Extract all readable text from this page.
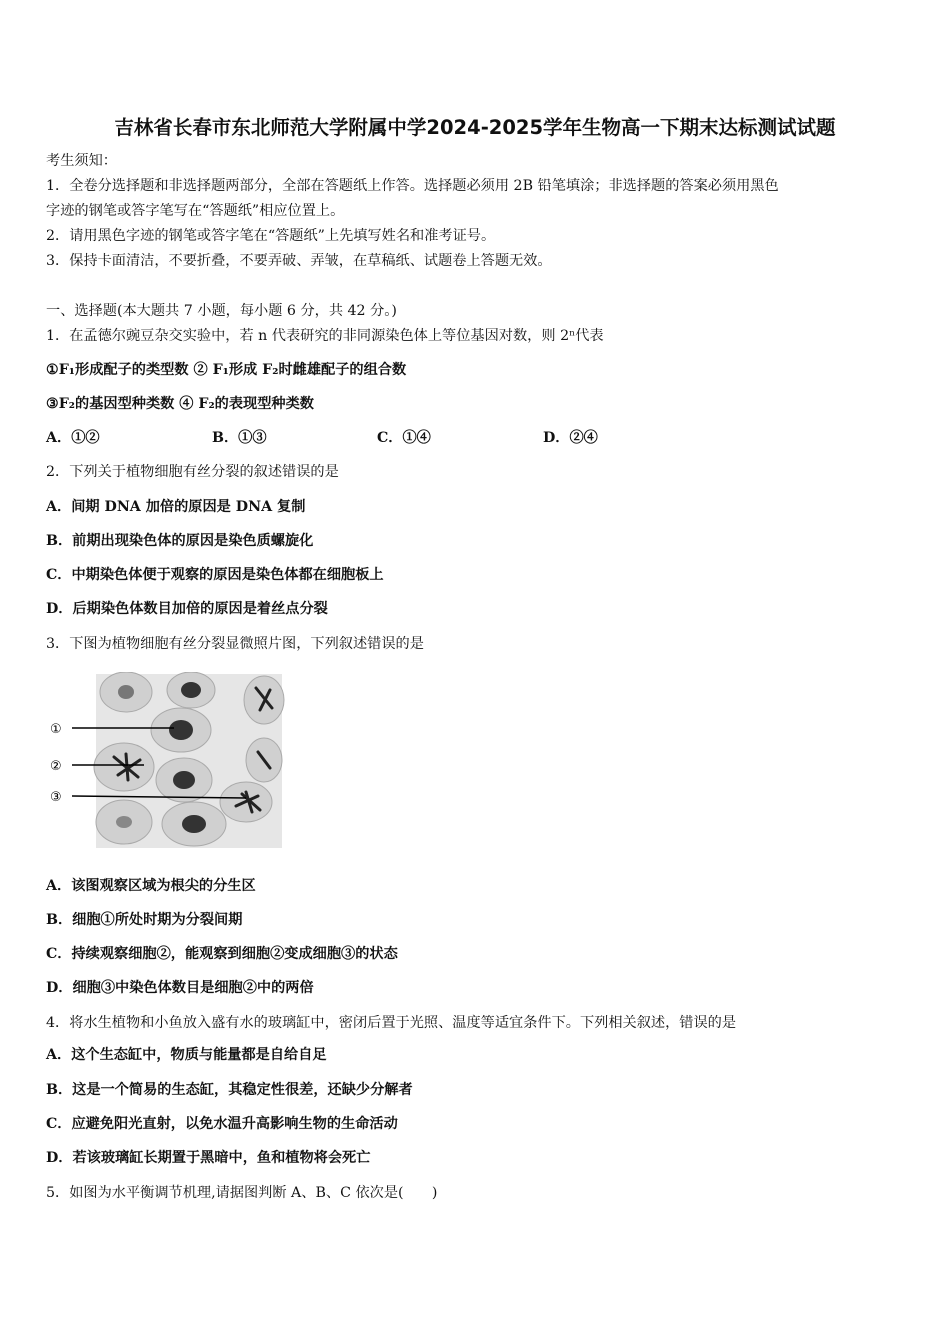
吉林省长春市东北师范大学附属中学2024-2025学年生物高一下期末达标测试试题
考生须知：
1．全卷分选择题和非选择题两部分，全部在答题纸上作答。选择题必须用 2B 铅笔填涂；非选择题的答案必须用黑色
字迹的钢笔或答字笔写在“答题纸”相应位置上。
2．请用黑色字迹的钢笔或答字笔在“答题纸”上先填写姓名和准考证号。
3．保持卡面清洁，不要折叠，不要弄破、弄皱，在草稿纸、试题卷上答题无效。
一、选择题(本大题共 7 小题，每小题 6 分，共 42 分。)
1．在孟德尔豌豆杂交实验中，若 n 代表研究的非同源染色体上等位基因对数，则 2ⁿ代表
①F₁形成配子的类型数 ② F₁形成 F₂时雌雄配子的组合数
③F₂的基因型种类数 ④ F₂的表现型种类数
A．①②	B．①③	C．①④	D．②④
2．下列关于植物细胞有丝分裂的叙述错误的是
A．间期 DNA 加倍的原因是 DNA 复制
B．前期出现染色体的原因是染色质螺旋化
C．中期染色体便于观察的原因是染色体都在细胞板上
D．后期染色体数目加倍的原因是着丝点分裂
3．下图为植物细胞有丝分裂显微照片图，下列叙述错误的是
①
②
③
A．该图观察区域为根尖的分生区
B．细胞①所处时期为分裂间期
C．持续观察细胞②，能观察到细胞②变成细胞③的状态
D．细胞③中染色体数目是细胞②中的两倍
4．将水生植物和小鱼放入盛有水的玻璃缸中，密闭后置于光照、温度等适宜条件下。下列相关叙述，错误的是
A．这个生态缸中，物质与能量都是自给自足
B．这是一个简易的生态缸，其稳定性很差，还缺少分解者
C．应避免阳光直射，以免水温升高影响生物的生命活动
D．若该玻璃缸长期置于黑暗中，鱼和植物将会死亡
5．如图为水平衡调节机理,请据图判断 A、B、C 依次是(　　)
